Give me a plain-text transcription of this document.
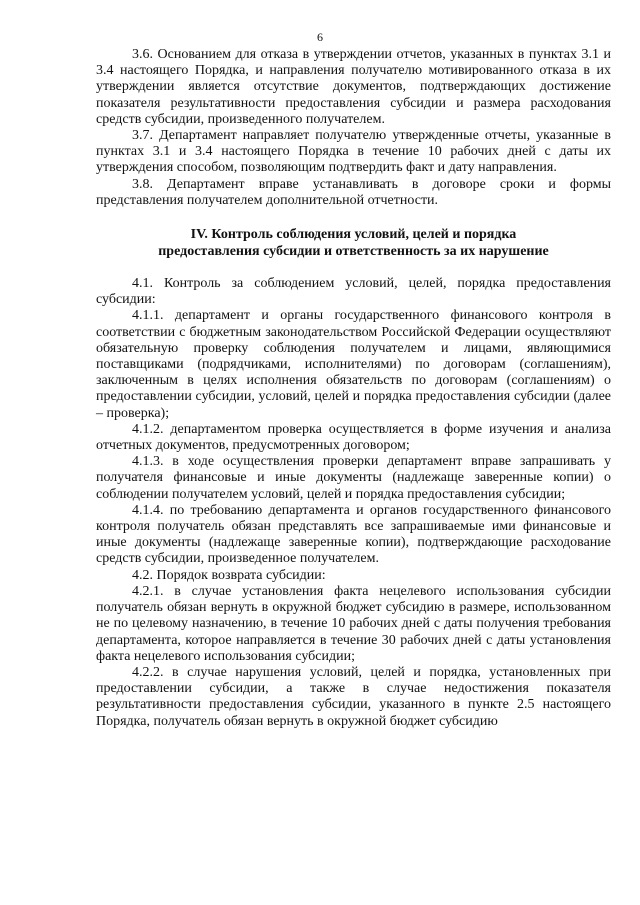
6

3.6. Основанием для отказа в утверждении отчетов, указанных в пунктах 3.1 и 3.4 настоящего Порядка, и направления получателю мотивированного отказа в их утверждении является отсутствие документов, подтверждающих достижение показателя результативности предоставления субсидии и размера расходования средств субсидии, произведенного получателем.

3.7. Департамент направляет получателю утвержденные отчеты, указанные в пунктах 3.1 и 3.4 настоящего Порядка в течение 10 рабочих дней с даты их утверждения способом, позволяющим подтвердить факт и дату направления.

3.8. Департамент вправе устанавливать в договоре сроки и формы представления получателем дополнительной отчетности.

IV. Контроль соблюдения условий, целей и порядка
предоставления субсидии и ответственность за их нарушение

4.1. Контроль за соблюдением условий, целей, порядка предоставления субсидии:

4.1.1. департамент и органы государственного финансового контроля в соответствии с бюджетным законодательством Российской Федерации осуществляют обязательную проверку соблюдения получателем и лицами, являющимися поставщиками (подрядчиками, исполнителями) по договорам (соглашениям), заключенным в целях исполнения обязательств по договорам (соглашениям) о предоставлении субсидии, условий, целей и порядка предоставления субсидии (далее – проверка);

4.1.2. департаментом проверка осуществляется в форме изучения и анализа отчетных документов, предусмотренных договором;

4.1.3. в ходе осуществления проверки департамент вправе запрашивать у получателя финансовые и иные документы (надлежаще заверенные копии) о соблюдении получателем условий, целей и порядка предоставления субсидии;

4.1.4. по требованию департамента и органов государственного финансового контроля получатель обязан представлять все запрашиваемые ими финансовые и иные документы (надлежаще заверенные копии), подтверждающие расходование средств субсидии, произведенное получателем.

4.2. Порядок возврата субсидии:

4.2.1. в случае установления факта нецелевого использования субсидии получатель обязан вернуть в окружной бюджет субсидию в размере, использованном не по целевому назначению, в течение 10 рабочих дней с даты получения требования департамента, которое направляется в течение 30 рабочих дней с даты установления факта нецелевого использования субсидии;

4.2.2. в случае нарушения условий, целей и порядка, установленных при предоставлении субсидии, а также в случае недостижения показателя результативности предоставления субсидии, указанного в пункте 2.5 настоящего Порядка, получатель обязан вернуть в окружной бюджет субсидию
